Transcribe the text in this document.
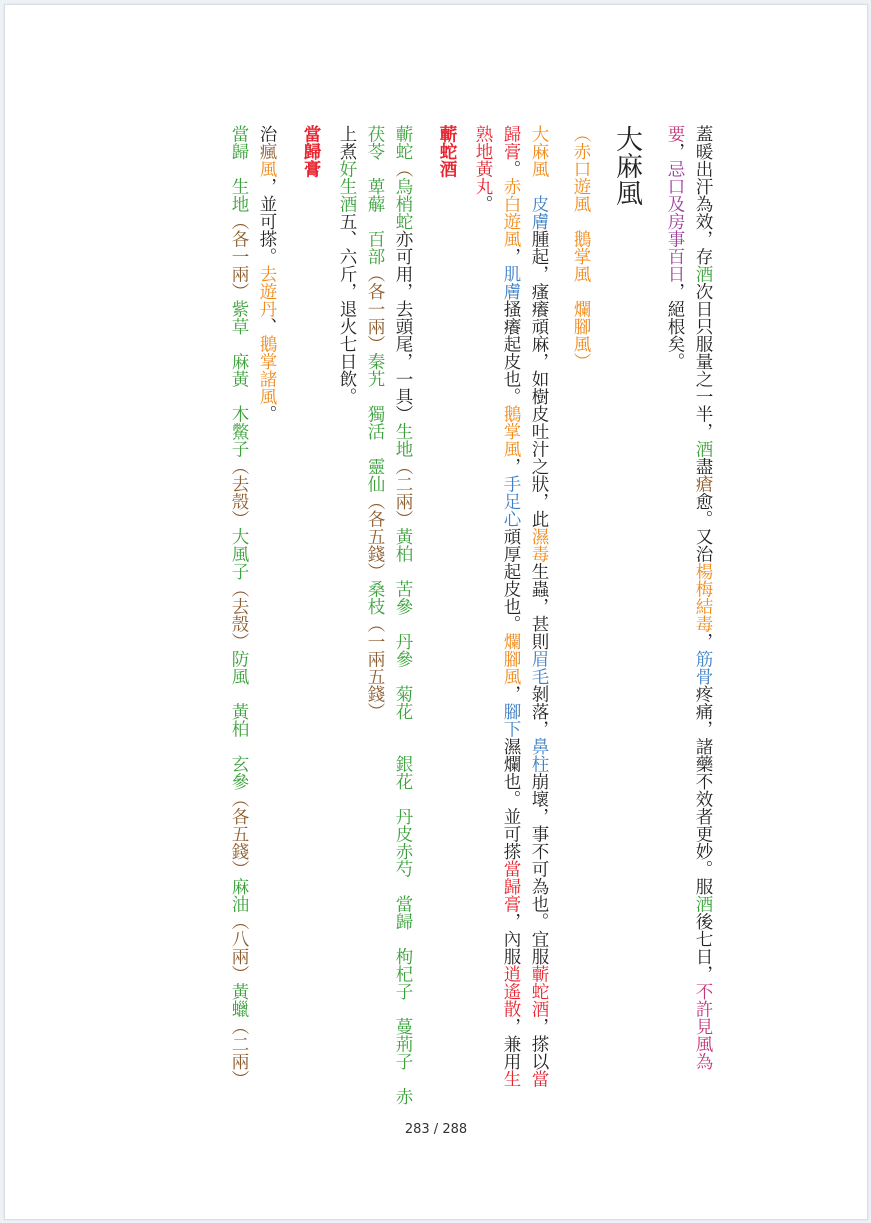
蓋暖出汗為效，存酒次日只服量之一半，酒盡瘡愈。又治楊梅結毒，筋骨疼痛，諸藥不效者更妙。服酒後七日，不許見風為
要，忌口及房事百日，絕根矣。
大麻風
（赤口遊風鵝掌風爛腳風）
大麻風皮膚腫起，瘙癢頑麻，如樹皮吐汁之狀，此濕毒生蟲，甚則眉毛剝落，鼻柱崩壞，事不可為也。宜服蘄蛇酒，搽以當
歸膏。赤白遊風，肌膚搔癢起皮也。鵝掌風，手足心頑厚起皮也。爛腳風，腳下濕爛也。並可搽當歸膏，內服逍遙散，兼用生
熟地黃丸。
蘄蛇酒
蘄蛇（烏梢蛇亦可用，去頭尾，一具）生地（二兩）黃柏苦參丹參菊花銀花丹皮赤芍當歸枸杞子蔓荊子赤
茯苓萆薢百部（各一兩）秦艽獨活靈仙（各五錢）桑枝（一兩五錢）
上煮好生酒五、六斤，退火七日飲。
當歸膏
治瘋風，並可搽。去遊丹、鵝掌諸風。
當歸生地（各一兩）紫草麻黃木鱉子（去殼）大風子（去殼）防風黃柏玄參（各五錢）麻油（八兩）黃蠟（二兩）
283 / 288
